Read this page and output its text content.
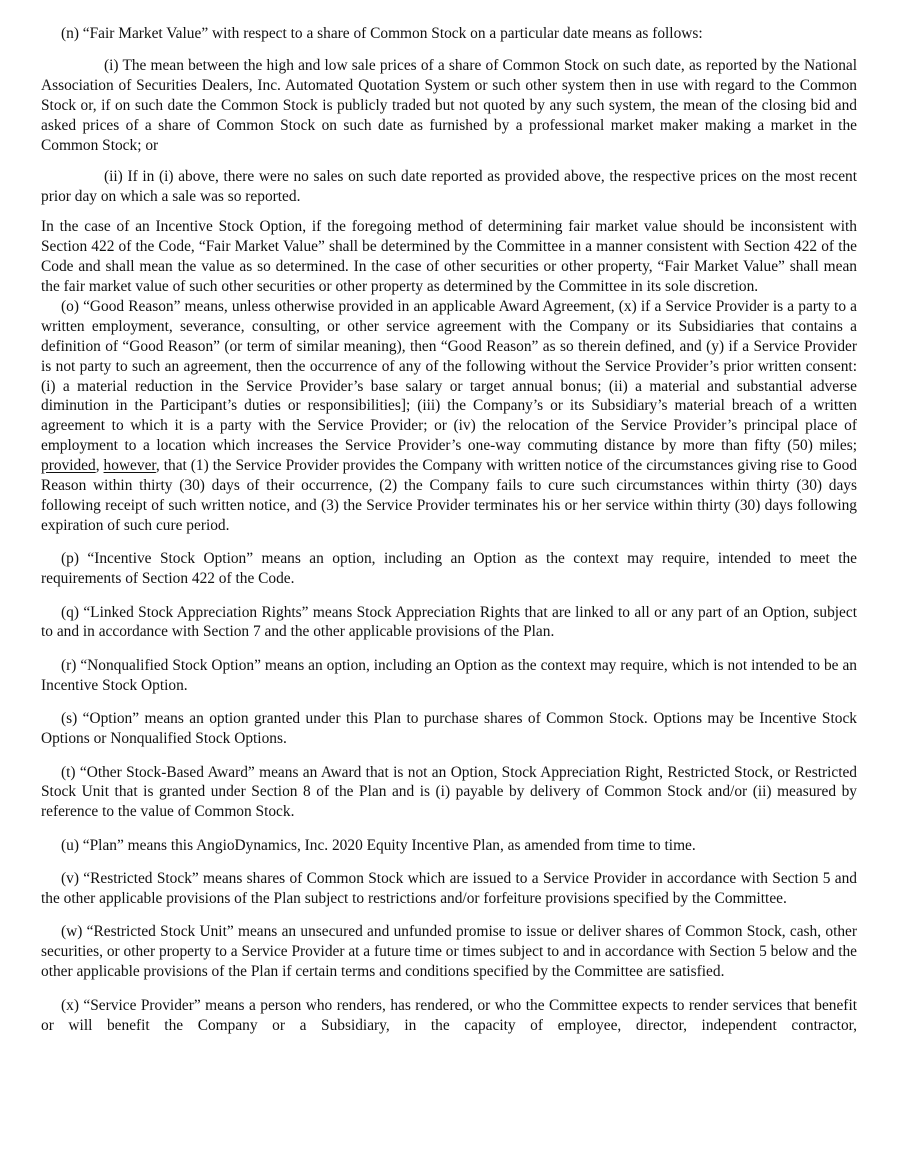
(n) “Fair Market Value” with respect to a share of Common Stock on a particular date means as follows:

(i) The mean between the high and low sale prices of a share of Common Stock on such date, as reported by the National Association of Securities Dealers, Inc. Automated Quotation System or such other system then in use with regard to the Common Stock or, if on such date the Common Stock is publicly traded but not quoted by any such system, the mean of the closing bid and asked prices of a share of Common Stock on such date as furnished by a professional market maker making a market in the Common Stock; or

(ii) If in (i) above, there were no sales on such date reported as provided above, the respective prices on the most recent prior day on which a sale was so reported.

In the case of an Incentive Stock Option, if the foregoing method of determining fair market value should be inconsistent with Section 422 of the Code, “Fair Market Value” shall be determined by the Committee in a manner consistent with Section 422 of the Code and shall mean the value as so determined. In the case of other securities or other property, “Fair Market Value” shall mean the fair market value of such other securities or other property as determined by the Committee in its sole discretion.

(o) “Good Reason” means, unless otherwise provided in an applicable Award Agreement, (x) if a Service Provider is a party to a written employment, severance, consulting, or other service agreement with the Company or its Subsidiaries that contains a definition of “Good Reason” (or term of similar meaning), then “Good Reason” as so therein defined, and (y) if a Service Provider is not party to such an agreement, then the occurrence of any of the following without the Service Provider’s prior written consent: (i) a material reduction in the Service Provider’s base salary or target annual bonus; (ii) a material and substantial adverse diminution in the Participant’s duties or responsibilities]; (iii) the Company’s or its Subsidiary’s material breach of a written agreement to which it is a party with the Service Provider; or (iv) the relocation of the Service Provider’s principal place of employment to a location which increases the Service Provider’s one-way commuting distance by more than fifty (50) miles; provided, however, that (1) the Service Provider provides the Company with written notice of the circumstances giving rise to Good Reason within thirty (30) days of their occurrence, (2) the Company fails to cure such circumstances within thirty (30) days following receipt of such written notice, and (3) the Service Provider terminates his or her service within thirty (30) days following expiration of such cure period.

(p) “Incentive Stock Option” means an option, including an Option as the context may require, intended to meet the requirements of Section 422 of the Code.

(q) “Linked Stock Appreciation Rights” means Stock Appreciation Rights that are linked to all or any part of an Option, subject to and in accordance with Section 7 and the other applicable provisions of the Plan.

(r) “Nonqualified Stock Option” means an option, including an Option as the context may require, which is not intended to be an Incentive Stock Option.

(s) “Option” means an option granted under this Plan to purchase shares of Common Stock. Options may be Incentive Stock Options or Nonqualified Stock Options.

(t) “Other Stock-Based Award” means an Award that is not an Option, Stock Appreciation Right, Restricted Stock, or Restricted Stock Unit that is granted under Section 8 of the Plan and is (i) payable by delivery of Common Stock and/or (ii) measured by reference to the value of Common Stock.

(u) “Plan” means this AngioDynamics, Inc. 2020 Equity Incentive Plan, as amended from time to time.

(v) “Restricted Stock” means shares of Common Stock which are issued to a Service Provider in accordance with Section 5 and the other applicable provisions of the Plan subject to restrictions and/or forfeiture provisions specified by the Committee.

(w) “Restricted Stock Unit” means an unsecured and unfunded promise to issue or deliver shares of Common Stock, cash, other securities, or other property to a Service Provider at a future time or times subject to and in accordance with Section 5 below and the other applicable provisions of the Plan if certain terms and conditions specified by the Committee are satisfied.

(x) “Service Provider” means a person who renders, has rendered, or who the Committee expects to render services that benefit or will benefit the Company or a Subsidiary, in the capacity of employee, director, independent contractor,
